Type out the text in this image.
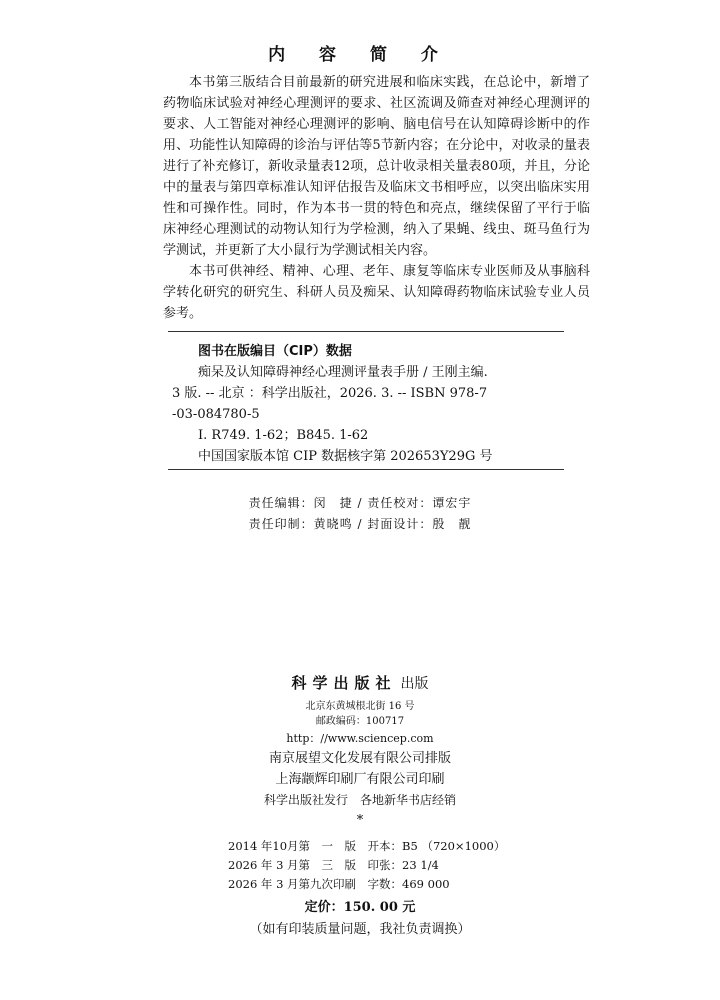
内 容 简 介

本书第三版结合目前最新的研究进展和临床实践，在总论中，新增了药物临床试验对神经心理测评的要求、社区流调及筛查对神经心理测评的要求、人工智能对神经心理测评的影响、脑电信号在认知障碍诊断中的作用、功能性认知障碍的诊治与评估等5节新内容；在分论中，对收录的量表进行了补充修订，新收录量表12项，总计收录相关量表80项，并且，分论中的量表与第四章标准认知评估报告及临床文书相呼应，以突出临床实用性和可操作性。同时，作为本书一贯的特色和亮点，继续保留了平行于临床神经心理测试的动物认知行为学检测，纳入了果蝇、线虫、斑马鱼行为学测试，并更新了大小鼠行为学测试相关内容。

本书可供神经、精神、心理、老年、康复等临床专业医师及从事脑科学转化研究的研究生、科研人员及痴呆、认知障碍药物临床试验专业人员参考。

图书在版编目（CIP）数据
痴呆及认知障碍神经心理测评量表手册 / 王刚主编.
3 版. -- 北京 ：科学出版社，2026. 3. -- ISBN 978-7
-03-084780-5
Ⅰ. R749. 1-62；B845. 1-62
中国国家版本馆 CIP 数据核字第 202653Y29G 号
责任编辑：闵　捷 / 责任校对：谭宏宇
责任印制：黄晓鸣 / 封面设计：殷　靓
科学出版社 出版
北京东黄城根北街 16 号
邮政编码：100717
http：//www.sciencep.com
南京展望文化发展有限公司排版
上海颛辉印刷厂有限公司印刷
科学出版社发行　各地新华书店经销
*
2014 年10月第　一　版　开本：B5 （720×1000）
2026 年 3 月第　三　版　印张：23 1/4
2026 年 3 月第九次印刷　字数：469 000
定价：150. 00 元
（如有印装质量问题，我社负责调换）
